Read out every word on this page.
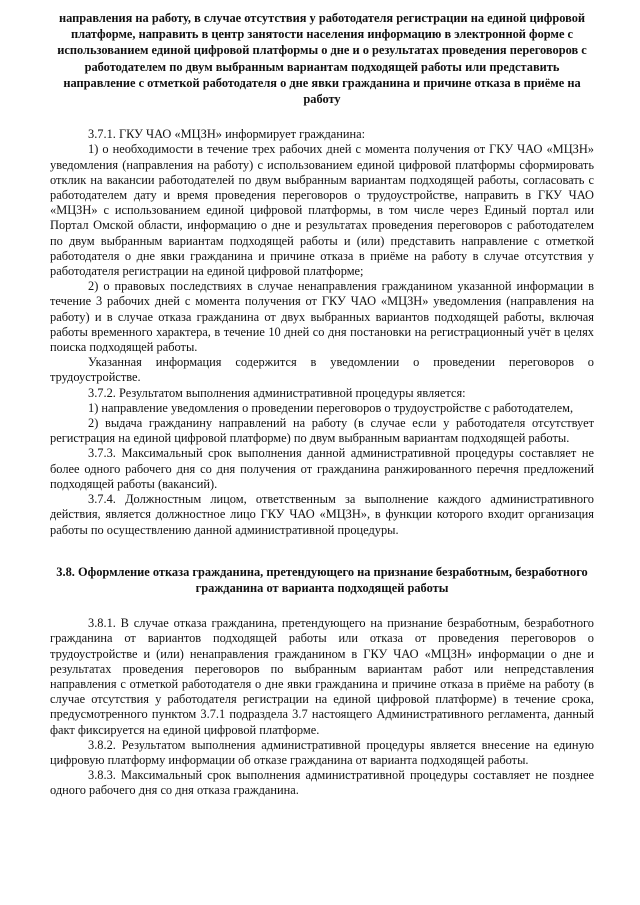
направления на работу, в случае отсутствия у работодателя регистрации на единой цифровой платформе, направить в центр занятости населения информацию в электронной форме с использованием единой цифровой платформы о дне и о результатах проведения переговоров с работодателем по двум выбранным вариантам подходящей работы или представить направление с отметкой работодателя о дне явки гражданина и причине отказа в приёме на работу

3.7.1. ГКУ ЧАО «МЦЗН» информирует гражданина:

1) о необходимости в течение трех рабочих дней с момента получения от ГКУ ЧАО «МЦЗН» уведомления (направления на работу) с использованием единой цифровой платформы сформировать отклик на вакансии работодателей по двум выбранным вариантам подходящей работы, согласовать с работодателем дату и время проведения переговоров о трудоустройстве, направить в ГКУ ЧАО «МЦЗН» с использованием единой цифровой платформы, в том числе через Единый портал или Портал Омской области, информацию о дне и результатах проведения переговоров с работодателем по двум выбранным вариантам подходящей работы и (или) представить направление с отметкой работодателя о дне явки гражданина и причине отказа в приёме на работу в случае отсутствия у работодателя регистрации на единой цифровой платформе;

2) о правовых последствиях в случае ненаправления гражданином указанной информации в течение 3 рабочих дней с момента получения от ГКУ ЧАО «МЦЗН» уведомления (направления на работу) и в случае отказа гражданина от двух выбранных вариантов подходящей работы, включая работы временного характера, в течение 10 дней со дня постановки на регистрационный учёт в целях поиска подходящей работы.

Указанная информация содержится в уведомлении о проведении переговоров о трудоустройстве.

3.7.2. Результатом выполнения административной процедуры является:

1) направление уведомления о проведении переговоров о трудоустройстве с работодателем,

2) выдача гражданину направлений на работу (в случае если у работодателя отсутствует регистрация на единой цифровой платформе) по двум выбранным вариантам подходящей работы.

3.7.3. Максимальный срок выполнения данной административной процедуры составляет не более одного рабочего дня со дня получения от гражданина ранжированного перечня предложений подходящей работы (вакансий).

3.7.4. Должностным лицом, ответственным за выполнение каждого административного действия, является должностное лицо ГКУ ЧАО «МЦЗН», в функции которого входит организация работы по осуществлению данной административной процедуры.

3.8. Оформление отказа гражданина, претендующего на признание безработным, безработного гражданина от варианта подходящей работы

3.8.1. В случае отказа гражданина, претендующего на признание безработным, безработного гражданина от вариантов подходящей работы или отказа от проведения переговоров о трудоустройстве и (или) ненаправления гражданином в ГКУ ЧАО «МЦЗН» информации о дне и результатах проведения переговоров по выбранным вариантам работ или непредставления направления с отметкой работодателя о дне явки гражданина и причине отказа в приёме на работу (в случае отсутствия у работодателя регистрации на единой цифровой платформе) в течение срока, предусмотренного пунктом 3.7.1 подраздела 3.7 настоящего Административного регламента, данный факт фиксируется на единой цифровой платформе.

3.8.2. Результатом выполнения административной процедуры является внесение на единую цифровую платформу информации об отказе гражданина от варианта подходящей работы.

3.8.3. Максимальный срок выполнения административной процедуры составляет не позднее одного рабочего дня со дня отказа гражданина.
